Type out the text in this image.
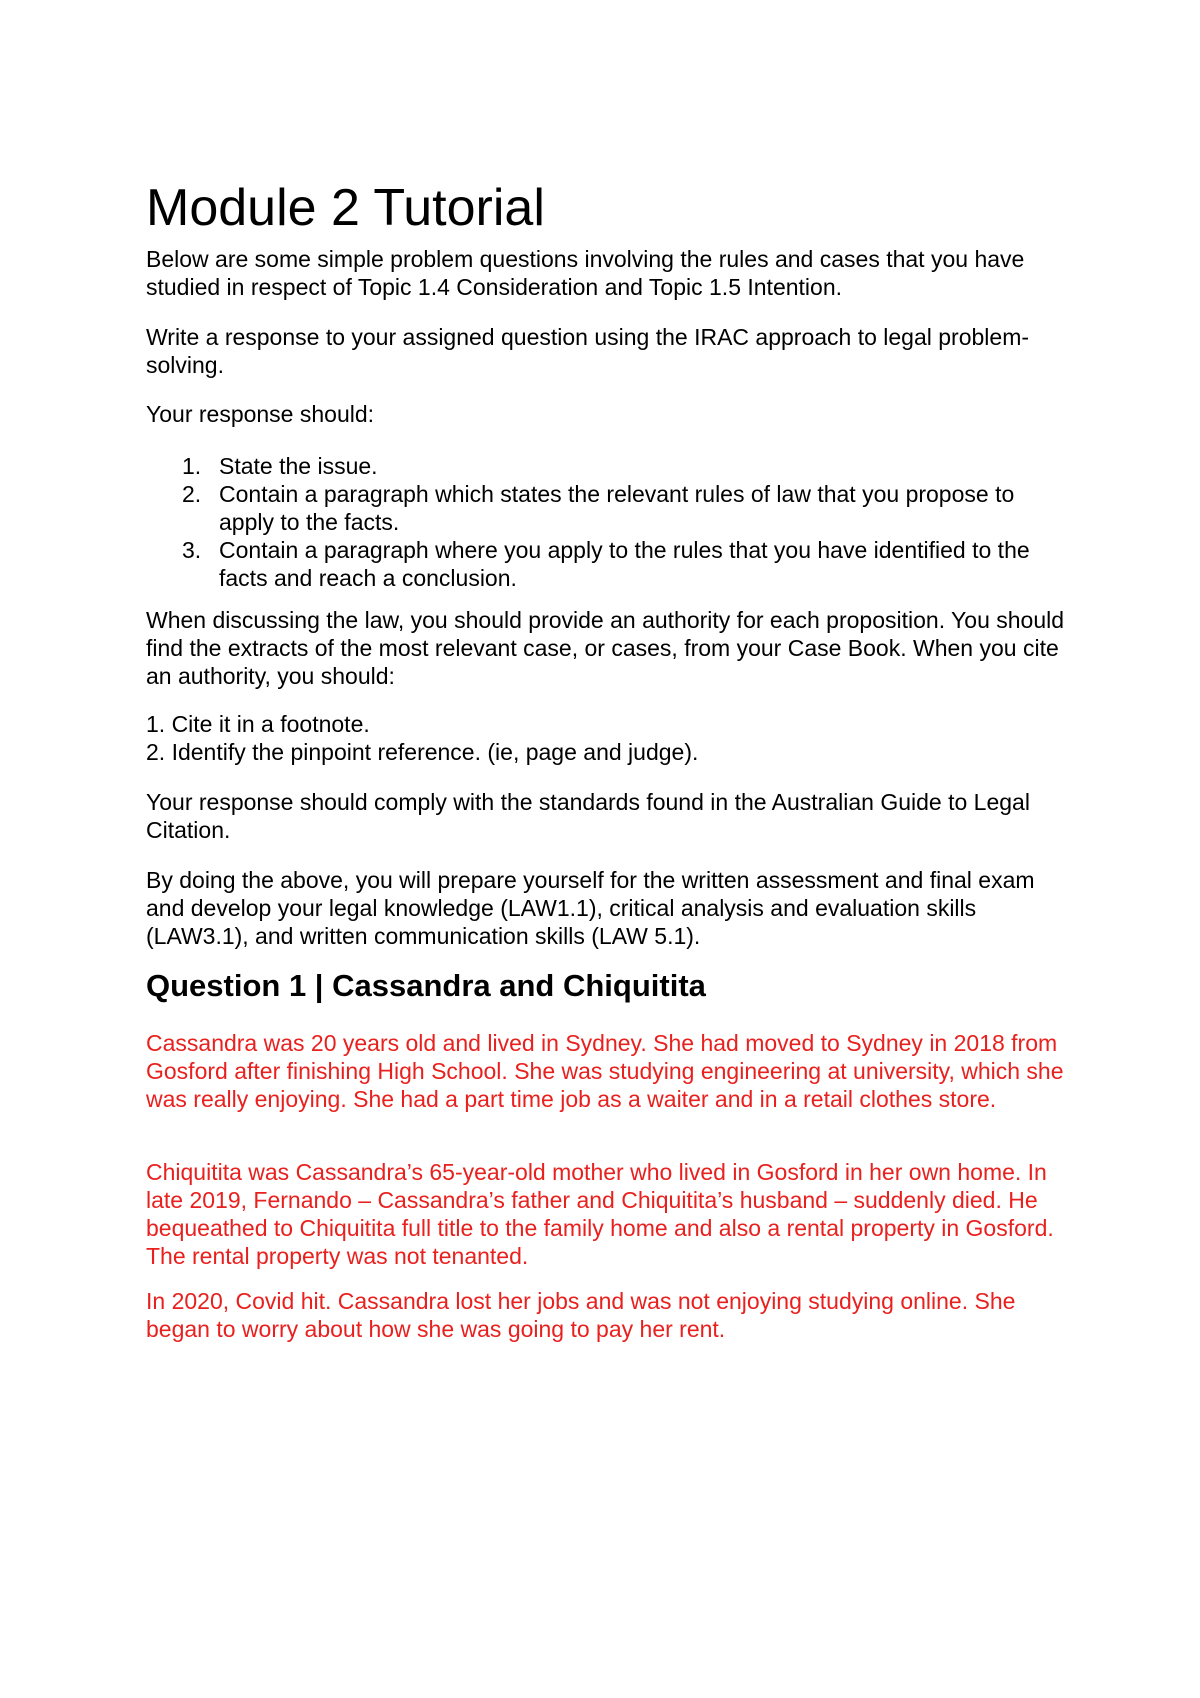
Module 2 Tutorial

Below are some simple problem questions involving the rules and cases that you have studied in respect of Topic 1.4 Consideration and Topic 1.5 Intention.

Write a response to your assigned question using the IRAC approach to legal problem-solving.

Your response should:

1. State the issue.
2. Contain a paragraph which states the relevant rules of law that you propose to apply to the facts.
3. Contain a paragraph where you apply to the rules that you have identified to the facts and reach a conclusion.

When discussing the law, you should provide an authority for each proposition. You should find the extracts of the most relevant case, or cases, from your Case Book. When you cite an authority, you should:

1. Cite it in a footnote.

2. Identify the pinpoint reference. (ie, page and judge).

Your response should comply with the standards found in the Australian Guide to Legal Citation.

By doing the above, you will prepare yourself for the written assessment and final exam and develop your legal knowledge (LAW1.1), critical analysis and evaluation skills (LAW3.1), and written communication skills (LAW 5.1).

Question 1 | Cassandra and Chiquitita

Cassandra was 20 years old and lived in Sydney. She had moved to Sydney in 2018 from Gosford after finishing High School. She was studying engineering at university, which she was really enjoying. She had a part time job as a waiter and in a retail clothes store.

Chiquitita was Cassandra’s 65-year-old mother who lived in Gosford in her own home. In late 2019, Fernando – Cassandra’s father and Chiquitita’s husband – suddenly died. He bequeathed to Chiquitita full title to the family home and also a rental property in Gosford. The rental property was not tenanted.

In 2020, Covid hit. Cassandra lost her jobs and was not enjoying studying online. She began to worry about how she was going to pay her rent.
